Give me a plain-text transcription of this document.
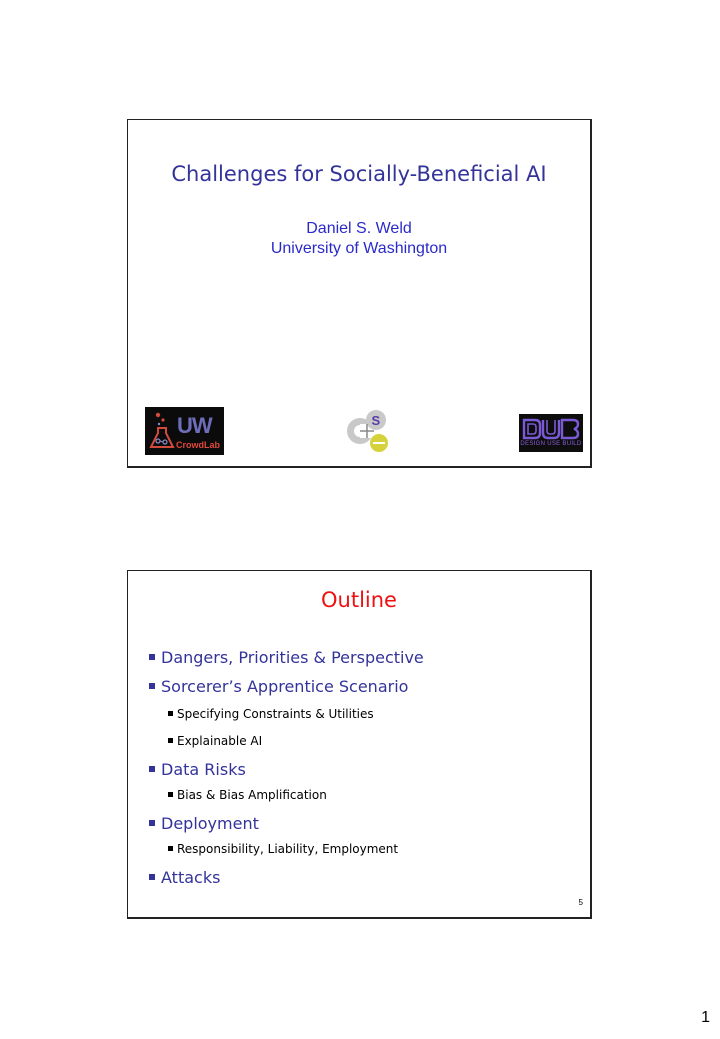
Challenges for Socially-Beneficial AI
Daniel S. Weld
University of Washington
UW
CrowdLab
S
DESIGN USE BUILD
Outline
Dangers, Priorities & Perspective
Sorcerer’s Apprentice Scenario
Specifying Constraints & Utilities
Explainable AI
Data Risks
Bias & Bias Amplification
Deployment
Responsibility, Liability, Employment
Attacks
5
1
